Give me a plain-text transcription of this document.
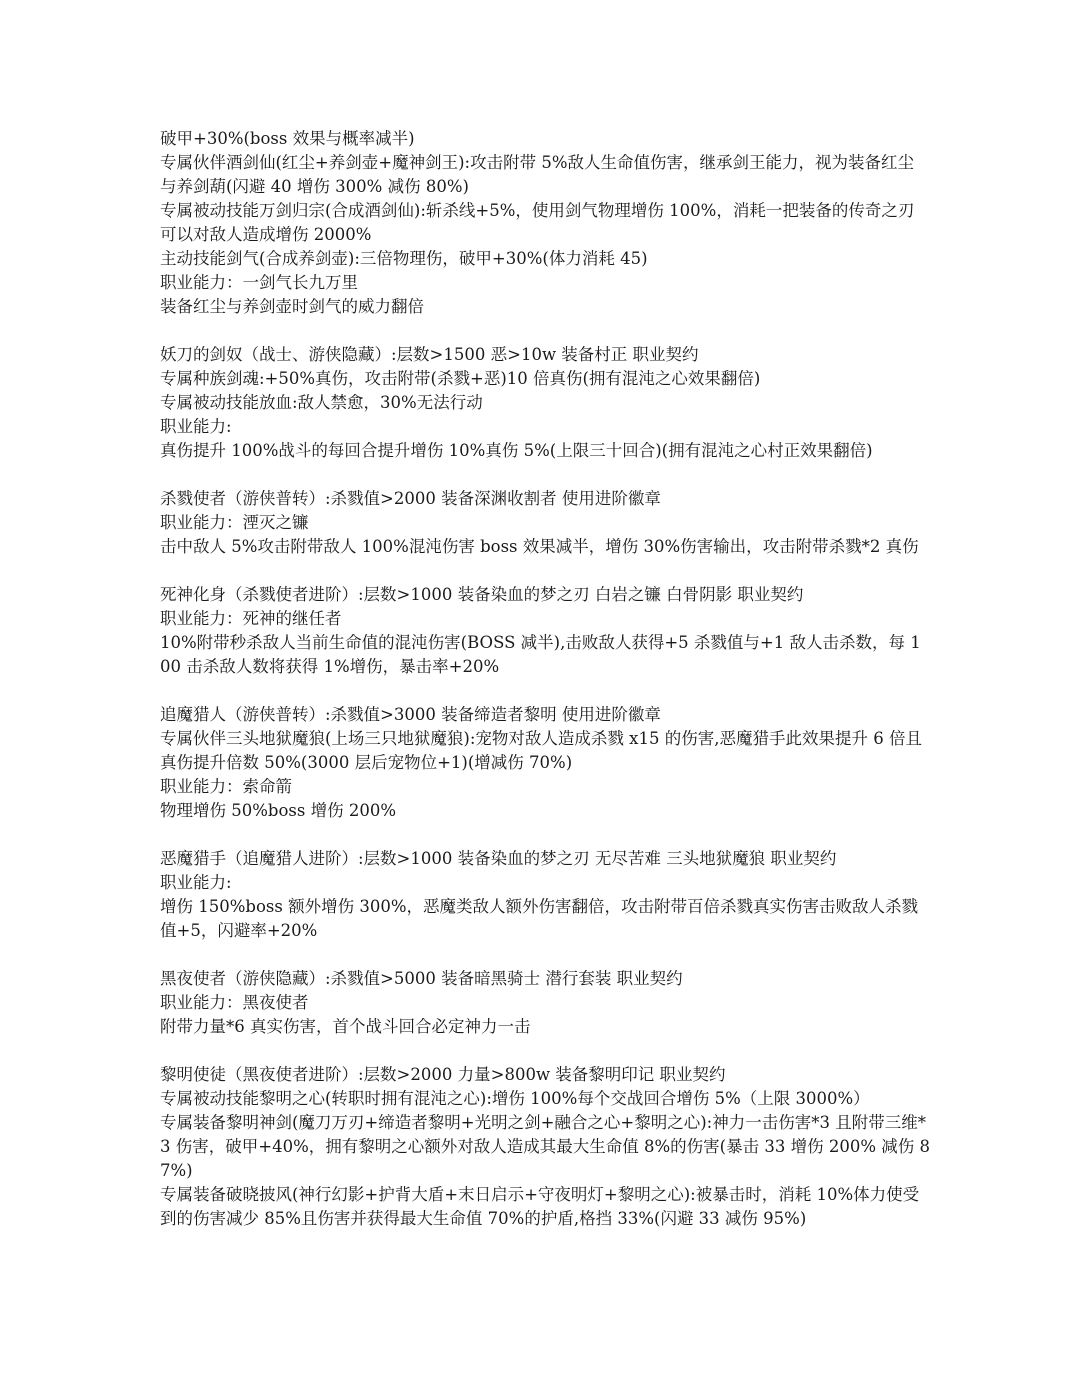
破甲+30%(boss 效果与概率减半)
专属伙伴酒剑仙(红尘+养剑壶+魔神剑王):攻击附带 5%敌人生命值伤害，继承剑王能力，视为装备红尘与养剑葫(闪避 40 增伤 300% 减伤 80%)
专属被动技能万剑归宗(合成酒剑仙):斩杀线+5%，使用剑气物理增伤 100%，消耗一把装备的传奇之刃可以对敌人造成增伤 2000%
主动技能剑气(合成养剑壶):三倍物理伤，破甲+30%(体力消耗 45)
职业能力：一剑气长九万里
装备红尘与养剑壶时剑气的威力翻倍
妖刀的剑奴（战士、游侠隐藏）:层数>1500 恶>10w 装备村正 职业契约
专属种族剑魂:+50%真伤，攻击附带(杀戮+恶)10 倍真伤(拥有混沌之心效果翻倍)
专属被动技能放血:敌人禁愈，30%无法行动
职业能力:
真伤提升 100%战斗的每回合提升增伤 10%真伤 5%(上限三十回合)(拥有混沌之心村正效果翻倍)
杀戮使者（游侠普转）:杀戮值>2000 装备深渊收割者 使用进阶徽章
职业能力：湮灭之镰
击中敌人 5%攻击附带敌人 100%混沌伤害 boss 效果减半，增伤 30%伤害输出，攻击附带杀戮*2 真伤
死神化身（杀戮使者进阶）:层数>1000 装备染血的梦之刃 白岩之镰 白骨阴影 职业契约
职业能力：死神的继任者
10%附带秒杀敌人当前生命值的混沌伤害(BOSS 减半),击败敌人获得+5 杀戮值与+1 敌人击杀数，每 100 击杀敌人数将获得 1%增伤，暴击率+20%
追魔猎人（游侠普转）:杀戮值>3000 装备缔造者黎明 使用进阶徽章
专属伙伴三头地狱魔狼(上场三只地狱魔狼):宠物对敌人造成杀戮 x15 的伤害,恶魔猎手此效果提升 6 倍且真伤提升倍数 50%(3000 层后宠物位+1)(增减伤 70%)
职业能力：索命箭
物理增伤 50%boss 增伤 200%
恶魔猎手（追魔猎人进阶）:层数>1000 装备染血的梦之刃 无尽苦难 三头地狱魔狼 职业契约
职业能力:
增伤 150%boss 额外增伤 300%，恶魔类敌人额外伤害翻倍，攻击附带百倍杀戮真实伤害击败敌人杀戮值+5，闪避率+20%
黑夜使者（游侠隐藏）:杀戮值>5000 装备暗黑骑士 潜行套装 职业契约
职业能力：黑夜使者
附带力量*6 真实伤害，首个战斗回合必定神力一击
黎明使徒（黑夜使者进阶）:层数>2000 力量>800w 装备黎明印记 职业契约
专属被动技能黎明之心(转职时拥有混沌之心):增伤 100%每个交战回合增伤 5%（上限 3000%）
专属装备黎明神剑(魔刀万刃+缔造者黎明+光明之剑+融合之心+黎明之心):神力一击伤害*3 且附带三维*3 伤害，破甲+40%，拥有黎明之心额外对敌人造成其最大生命值 8%的伤害(暴击 33 增伤 200% 减伤 87%)
专属装备破晓披风(神行幻影+护背大盾+末日启示+守夜明灯+黎明之心):被暴击时，消耗 10%体力使受到的伤害减少 85%且伤害并获得最大生命值 70%的护盾,格挡 33%(闪避 33 减伤 95%)
